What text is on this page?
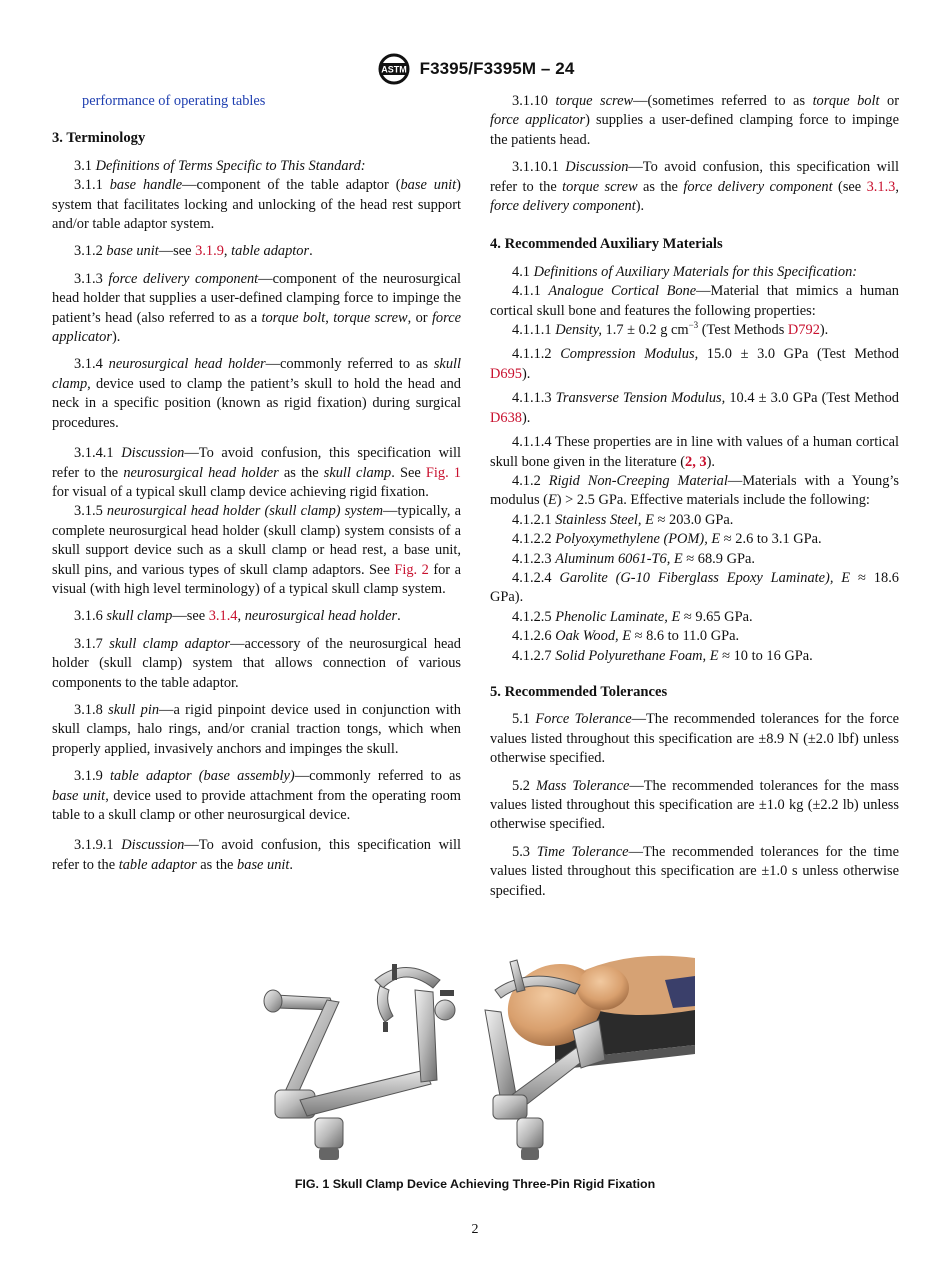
ASTM F3395/F3395M – 24

performance of operating tables

3. Terminology

3.1 Definitions of Terms Specific to This Standard:

3.1.1 base handle—component of the table adaptor (base unit) system that facilitates locking and unlocking of the head rest support and/or table adaptor system.

3.1.2 base unit—see 3.1.9, table adaptor.

3.1.3 force delivery component—component of the neurosurgical head holder that supplies a user-defined clamping force to impinge the patient’s head (also referred to as a torque bolt, torque screw, or force applicator).

3.1.4 neurosurgical head holder—commonly referred to as skull clamp, device used to clamp the patient’s skull to hold the head and neck in a specific position (known as rigid fixation) during surgical procedures.

3.1.4.1 Discussion—To avoid confusion, this specification will refer to the neurosurgical head holder as the skull clamp. See Fig. 1 for visual of a typical skull clamp device achieving rigid fixation.

3.1.5 neurosurgical head holder (skull clamp) system—typically, a complete neurosurgical head holder (skull clamp) system consists of a skull support device such as a skull clamp or head rest, a base unit, skull pins, and various types of skull clamp adaptors. See Fig. 2 for a visual (with high level terminology) of a typical skull clamp system.

3.1.6 skull clamp—see 3.1.4, neurosurgical head holder.

3.1.7 skull clamp adaptor—accessory of the neurosurgical head holder (skull clamp) system that allows connection of various components to the table adaptor.

3.1.8 skull pin—a rigid pinpoint device used in conjunction with skull clamps, halo rings, and/or cranial traction tongs, which when properly applied, invasively anchors and impinges the skull.

3.1.9 table adaptor (base assembly)—commonly referred to as base unit, device used to provide attachment from the operating room table to a skull clamp or other neurosurgical device.

3.1.9.1 Discussion—To avoid confusion, this specification will refer to the table adaptor as the base unit.

3.1.10 torque screw—(sometimes referred to as torque bolt or force applicator) supplies a user-defined clamping force to impinge the patients head.

3.1.10.1 Discussion—To avoid confusion, this specification will refer to the torque screw as the force delivery component (see 3.1.3, force delivery component).

4. Recommended Auxiliary Materials

4.1 Definitions of Auxiliary Materials for this Specification:

4.1.1 Analogue Cortical Bone—Material that mimics a human cortical skull bone and features the following properties:

4.1.1.1 Density, 1.7 ± 0.2 g $cm^{-3}$ (Test Methods D792).

4.1.1.2 Compression Modulus, 15.0 ± 3.0 GPa (Test Method D695).

4.1.1.3 Transverse Tension Modulus, 10.4 ± 3.0 GPa (Test Method D638).

4.1.1.4 These properties are in line with values of a human cortical skull bone given in the literature (2, 3).

4.1.2 Rigid Non-Creeping Material—Materials with a Young’s modulus (E) > 2.5 GPa. Effective materials include the following:

4.1.2.1 Stainless Steel, E ≈ 203.0 GPa.

4.1.2.2 Polyoxymethylene (POM), E ≈ 2.6 to 3.1 GPa.

4.1.2.3 Aluminum 6061-T6, E ≈ 68.9 GPa.

4.1.2.4 Garolite (G-10 Fiberglass Epoxy Laminate), E ≈ 18.6 GPa).

4.1.2.5 Phenolic Laminate, E ≈ 9.65 GPa.

4.1.2.6 Oak Wood, E ≈ 8.6 to 11.0 GPa.

4.1.2.7 Solid Polyurethane Foam, E ≈ 10 to 16 GPa.

5. Recommended Tolerances

5.1 Force Tolerance—The recommended tolerances for the force values listed throughout this specification are ±8.9 N (±2.0 lbf) unless otherwise specified.

5.2 Mass Tolerance—The recommended tolerances for the mass values listed throughout this specification are ±1.0 kg (±2.2 lb) unless otherwise specified.

5.3 Time Tolerance—The recommended tolerances for the time values listed throughout this specification are ±1.0 s unless otherwise specified.

FIG. 1 Skull Clamp Device Achieving Three-Pin Rigid Fixation
2
